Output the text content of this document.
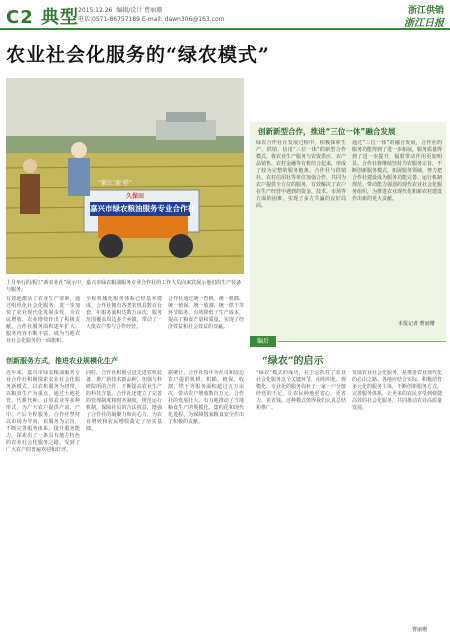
C2 典型
2015.12.26 编辑/设计 曹丽珊
电话:0571-86757189 E-mail: dawn306@163.com
浙江供销
浙江日报
农业社会化服务的“绿农模式”
“浙江‘浙’样”
嘉兴市绿农粮油服务专业合作社
久保田
上月举行的浙江“新农业社”展示中，嘉兴市绿农粮油服务专业合作社的工作人员向来宾展示他们的生产装备与服务。
有效地激活了农业生产要素，通过组织化社会化服务，进一步加快了农业现代化发展步伐，为农民增收、农业增效作出了积极贡献。合作社服务面积逐年扩大，服务内容不断丰富，成为当地农业社会化服务的一面旗帜。
全程机械化服务体系已经基本建成，合作社拥有各类农机具数百台套，年服务面积达数万亩次，服务范围覆盖周边多个乡镇，带动了一大批农户参与合作经营。
合作社通过统一育秧、统一机插、统一植保、统一收割、统一烘干等环节服务，有效降低了生产成本，提高了粮食产量和质量，实现了经济效益和社会效益的双赢。
创新服务方式，推进农业规模化生产
近年来，嘉兴市绿农粮油服务专业合作社积极探索农业社会化服务新模式，以农机服务为纽带，以粮食生产为重点，通过土地托管、代耕代种、订单农业等多种形式，为广大农户提供产前、产中、产后全程服务。合作社坚持以市场为导向，以服务为宗旨，不断完善服务体系，提升服务能力，探索出了一条具有地方特色的农业社会化服务之路，受到了广大农户的普遍欢迎和好评。
同时，合作社积极引进先进农机装备，推广新技术新品种，加强与科研院所的合作，不断提高农业生产的科技含量。合作社还建立了完善的管理制度和财务制度，规范运行机制，保障社员的合法权益，增强了合作社的凝聚力和向心力，为农业增效和农民增收奠定了坚实基础。
据统计，合作社每年为社员和周边农户提供机耕、机插、植保、收割、烘干等服务面积超过五万亩次，带动农户增收数百万元。合作社的发展壮大，有力地推动了当地粮食生产的规模化、集约化和现代化进程，为保障国家粮食安全作出了积极的贡献。
创新新型合作，推进“三位一体”融合发展
绿农合作社在发展过程中，积极探索生产、供销、信用“三位一体”的新型合作模式，将农业生产服务与农资供应、农产品销售、农村金融等有机结合起来，形成了较为完整的服务链条。合作社与供销社、农村信用社等单位加强合作，共同为农户提供全方位的服务，有效解决了农户在生产经营中遇到的资金、技术、市场等方面的困难，实现了多方共赢的良好局面。
通过“三位一体”的融合发展，合作社的服务功能得到了进一步拓展，服务质量得到了进一步提升，辐射带动作用更加明显。合作社将继续坚持为农服务宗旨，不断创新服务模式，拓展服务领域，努力把合作社建设成为服务功能完善、运行机制规范、带动能力强劲的现代农业社会化服务组织，为推进农业现代化和新农村建设作出新的更大贡献。
本报记者 曹丽珊
编后
“绿农”的启示
“绿农”模式的成功，在于它抓住了农业社会化服务这个关键环节，用组织化、规模化、专业化的服务弥补了一家一户分散经营的不足，让农民种地更省心、更省力、更省钱。这种模式值得我们认真总结和推广。
发展农业社会化服务，是推进农业现代化的必由之路。各地应结合实际，积极培育多元化的服务主体，不断创新服务方式，完善服务体系，让更多的农民享受到便捷高效的社会化服务，共同推动农业高质量发展。
曹丽珊
